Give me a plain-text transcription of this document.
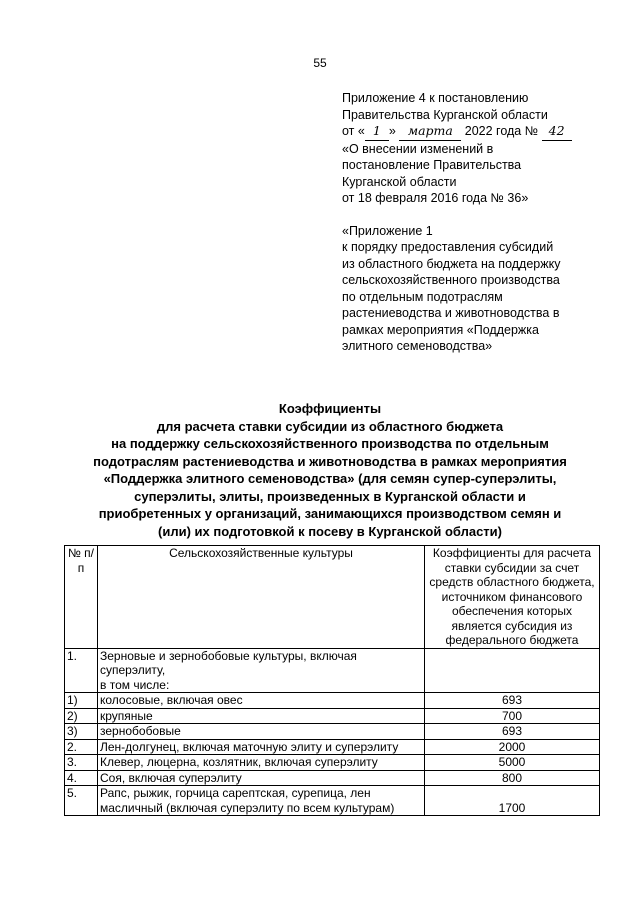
55
Приложение 4 к постановлению
Правительства Курганской области
от « 1 » марта 2022 года № 42
«О внесении изменений в
постановление Правительства
Курганской области
от 18 февраля 2016 года № 36»
«Приложение 1
к порядку предоставления субсидий
из областного бюджета на поддержку
сельскохозяйственного производства
по отдельным подотраслям
растениеводства и животноводства в
рамках мероприятия «Поддержка
элитного семеноводства»
Коэффициенты
для расчета ставки субсидии из областного бюджета
на поддержку сельскохозяйственного производства по отдельным
подотраслям растениеводства и животноводства в рамках мероприятия
«Поддержка элитного семеноводства» (для семян супер-суперэлиты,
суперэлиты, элиты, произведенных в Курганской области и
приобретенных у организаций, занимающихся производством семян и
(или) их подготовкой к посеву в Курганской области)
№ п/п	Сельскохозяйственные культуры	Коэффициенты для расчета ставки субсидии за счет средств областного бюджета, источником финансового обеспечения которых является субсидия из федерального бюджета
1.	Зерновые и зернобобовые культуры, включая суперэлиту,
в том числе:	
1)	колосовые, включая овес	693
2)	крупяные	700
3)	зернобобовые	693
2.	Лен-долгунец, включая маточную элиту и суперэлиту	2000
3.	Клевер, люцерна, козлятник, включая суперэлиту	5000
4.	Соя, включая суперэлиту	800
5.	Рапс, рыжик, горчица сарептская, сурепица, лен масличный (включая суперэлиту по всем культурам)	1700
